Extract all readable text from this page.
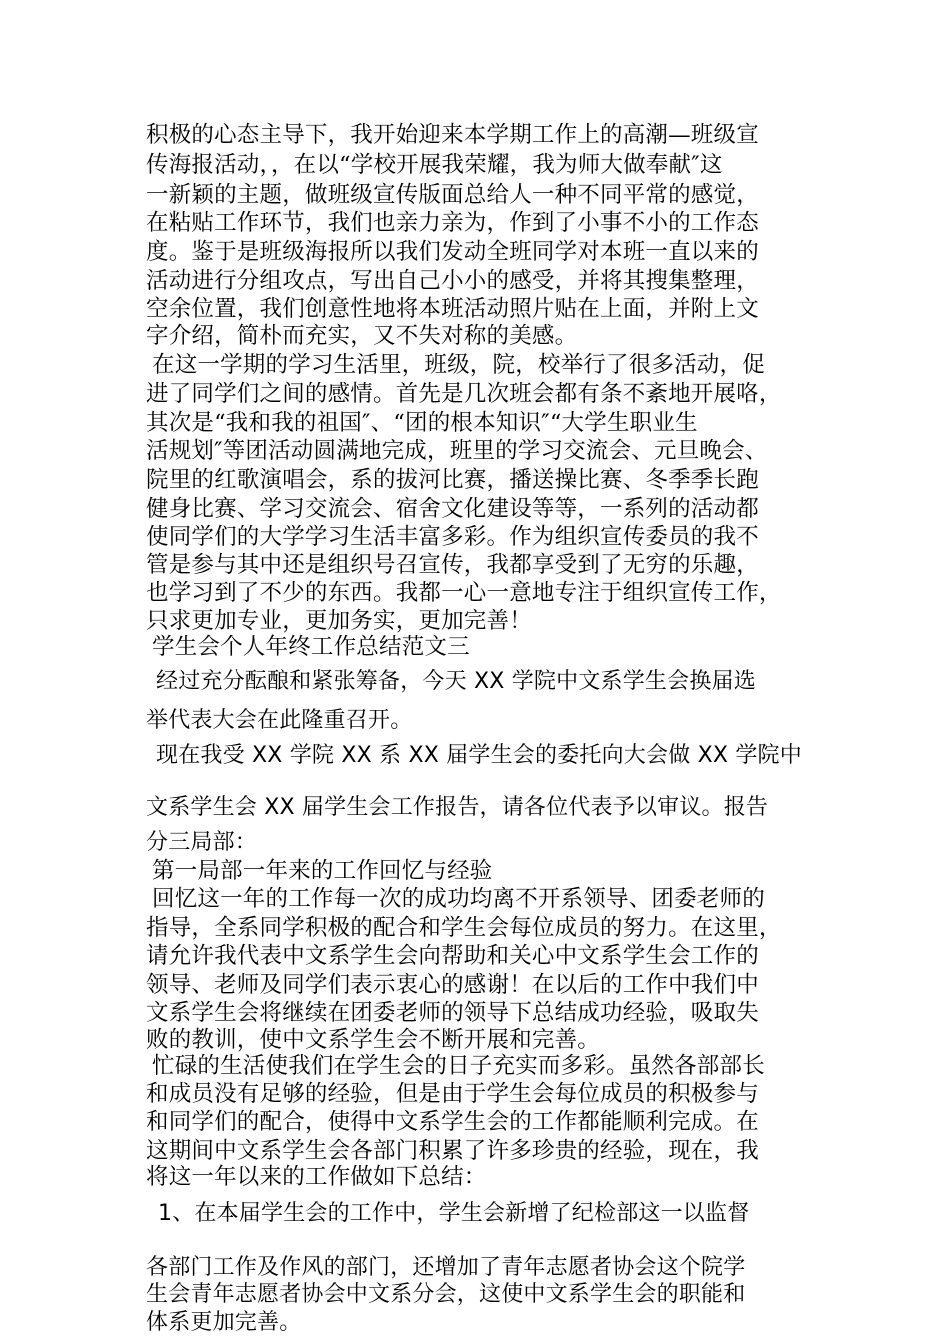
积极的心态主导下，我开始迎来本学期工作上的高潮—班级宣

传海报活动，，在以“学校开展我荣耀，我为师大做奉献″这

一新颖的主题，做班级宣传版面总给人一种不同平常的感觉，

在粘贴工作环节，我们也亲力亲为，作到了小事不小的工作态

度。鉴于是班级海报所以我们发动全班同学对本班一直以来的

活动进行分组攻点，写出自己小小的感受，并将其搜集整理，

空余位置，我们创意性地将本班活动照片贴在上面，并附上文

字介绍，简朴而充实，又不失对称的美感。

在这一学期的学习生活里，班级，院，校举行了很多活动，促

进了同学们之间的感情。首先是几次班会都有条不紊地开展咯，

其次是“我和我的祖国″、“团的根本知识″“大学生职业生

活规划″等团活动圆满地完成，班里的学习交流会、元旦晚会、

院里的红歌演唱会，系的拔河比赛，播送操比赛、冬季季长跑

健身比赛、学习交流会、宿舍文化建设等等，一系列的活动都

使同学们的大学学习生活丰富多彩。作为组织宣传委员的我不

管是参与其中还是组织号召宣传，我都享受到了无穷的乐趣，

也学习到了不少的东西。我都一心一意地专注于组织宣传工作，

只求更加专业，更加务实，更加完善！

学生会个人年终工作总结范文三

经过充分酝酿和紧张筹备，今天 XX 学院中文系学生会换届选

举代表大会在此隆重召开。

现在我受 XX 学院 XX 系 XX 届学生会的委托向大会做 XX 学院中

文系学生会 XX 届学生会工作报告，请各位代表予以审议。报告

分三局部：

第一局部一年来的工作回忆与经验

回忆这一年的工作每一次的成功均离不开系领导、团委老师的

指导，全系同学积极的配合和学生会每位成员的努力。在这里，

请允许我代表中文系学生会向帮助和关心中文系学生会工作的

领导、老师及同学们表示衷心的感谢！在以后的工作中我们中

文系学生会将继续在团委老师的领导下总结成功经验，吸取失

败的教训，使中文系学生会不断开展和完善。

忙碌的生活使我们在学生会的日子充实而多彩。虽然各部部长

和成员没有足够的经验，但是由于学生会每位成员的积极参与

和同学们的配合，使得中文系学生会的工作都能顺利完成。在

这期间中文系学生会各部门积累了许多珍贵的经验，现在，我

将这一年以来的工作做如下总结：

1、在本届学生会的工作中，学生会新增了纪检部这一以监督

各部门工作及作风的部门，还增加了青年志愿者协会这个院学

生会青年志愿者协会中文系分会，这使中文系学生会的职能和

体系更加完善。
